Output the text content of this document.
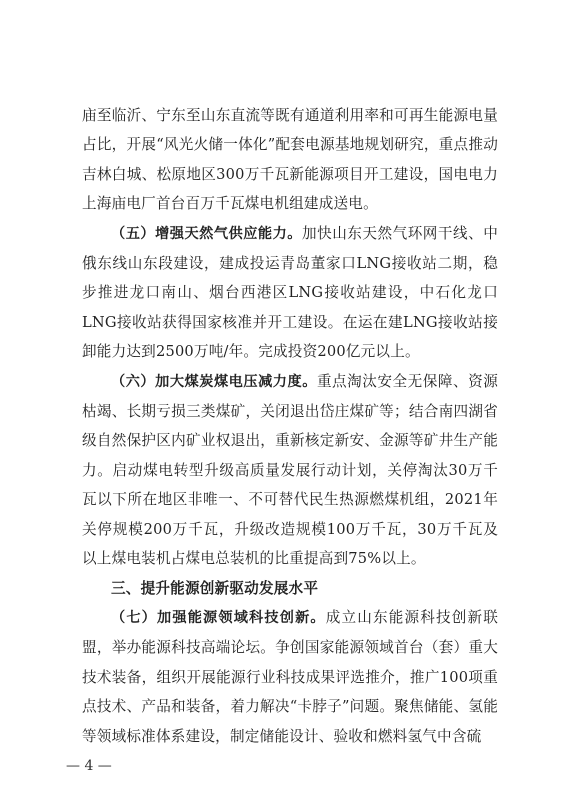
庙至临沂、宁东至山东直流等既有通道利用率和可再生能源电量占比，开展“风光火储一体化”配套电源基地规划研究，重点推动吉林白城、松原地区300万千瓦新能源项目开工建设，国电电力上海庙电厂首台百万千瓦煤电机组建成送电。

（五）增强天然气供应能力。加快山东天然气环网干线、中俄东线山东段建设，建成投运青岛董家口LNG接收站二期，稳步推进龙口南山、烟台西港区LNG接收站建设，中石化龙口LNG接收站获得国家核准并开工建设。在运在建LNG接收站接卸能力达到2500万吨/年。完成投资200亿元以上。

（六）加大煤炭煤电压减力度。重点淘汰安全无保障、资源枯竭、长期亏损三类煤矿，关闭退出岱庄煤矿等；结合南四湖省级自然保护区内矿业权退出，重新核定新安、金源等矿井生产能力。启动煤电转型升级高质量发展行动计划，关停淘汰30万千瓦以下所在地区非唯一、不可替代民生热源燃煤机组，2021年关停规模200万千瓦，升级改造规模100万千瓦，30万千瓦及以上煤电装机占煤电总装机的比重提高到75%以上。

三、提升能源创新驱动发展水平

（七）加强能源领域科技创新。成立山东能源科技创新联盟，举办能源科技高端论坛。争创国家能源领域首台（套）重大技术装备，组织开展能源行业科技成果评选推介，推广100项重点技术、产品和装备，着力解决“卡脖子”问题。聚焦储能、氢能等领域标准体系建设，制定储能设计、验收和燃料氢气中含硫

— 4 —
